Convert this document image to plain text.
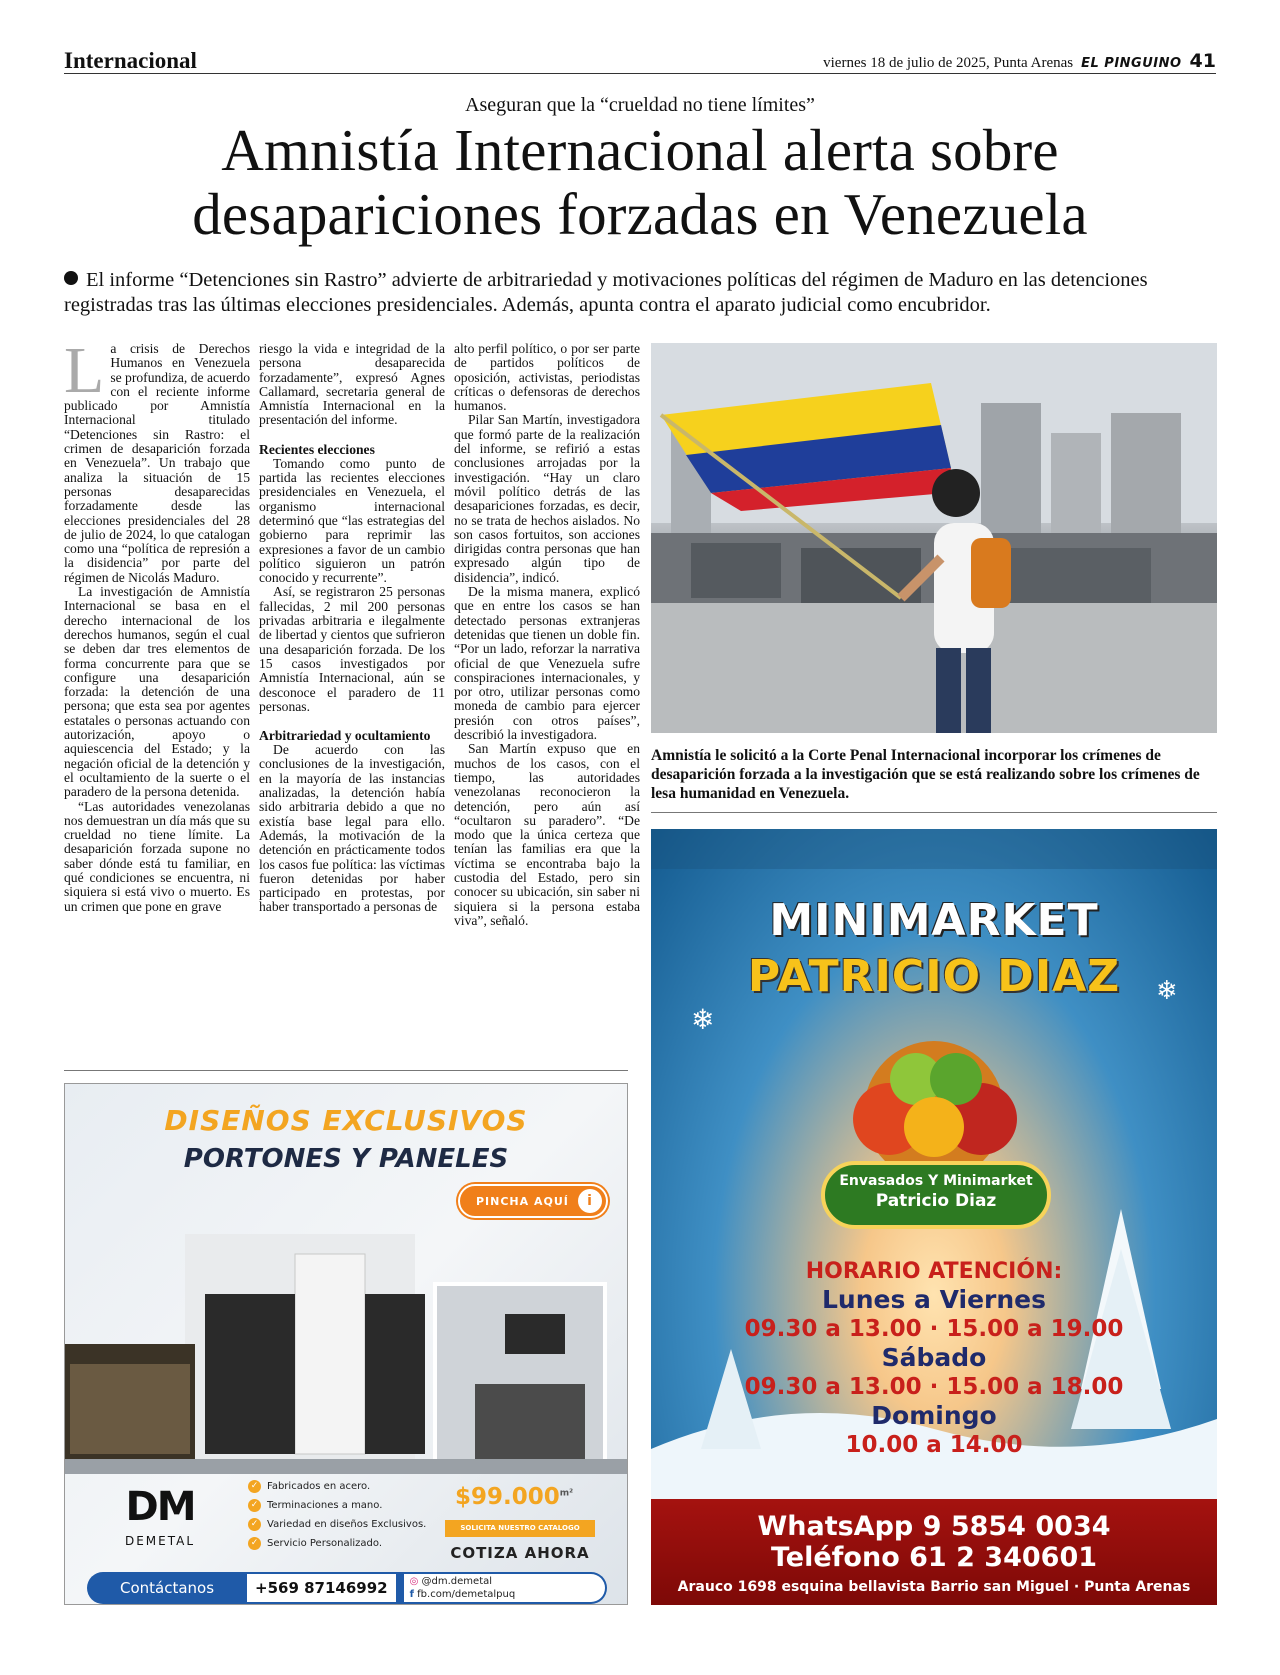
Internacional	viernes 18 de julio de 2025, Punta Arenas EL PINGUINO 41
Aseguran que la “crueldad no tiene límites”
Amnistía Internacional alerta sobre
desapariciones forzadas en Venezuela
El informe “Detenciones sin Rastro” advierte de arbitrariedad y motivaciones políticas del régimen de Maduro en las detenciones registradas tras las últimas elecciones presidenciales. Además, apunta contra el aparato judicial como encubridor.

La crisis de Derechos Humanos en Venezuela se profundiza, de acuerdo con el reciente informe publicado por Amnistía Internacional titulado “Detenciones sin Rastro: el crimen de desaparición forzada en Venezuela”. Un trabajo que analiza la situación de 15 personas desaparecidas forzadamente desde las elecciones presidenciales del 28 de julio de 2024, lo que catalogan como una “política de represión a la disidencia” por parte del régimen de Nicolás Maduro.

La investigación de Amnistía Internacional se basa en el derecho internacional de los derechos humanos, según el cual se deben dar tres elementos de forma concurrente para que se configure una desaparición forzada: la detención de una persona; que esta sea por agentes estatales o personas actuando con autorización, apoyo o aquiescencia del Estado; y la negación oficial de la detención y el ocultamiento de la suerte o el paradero de la persona detenida.

“Las autoridades venezolanas nos demuestran un día más que su crueldad no tiene límite. La desaparición forzada supone no saber dónde está tu familiar, en qué condiciones se encuentra, ni siquiera si está vivo o muerto. Es un crimen que pone en grave

riesgo la vida e integridad de la persona desaparecida forzadamente”, expresó Agnes Callamard, secretaria general de Amnistía Internacional en la presentación del informe.

Recientes elecciones

Tomando como punto de partida las recientes elecciones presidenciales en Venezuela, el organismo internacional determinó que “las estrategias del gobierno para reprimir las expresiones a favor de un cambio político siguieron un patrón conocido y recurrente”.

Así, se registraron 25 personas fallecidas, 2 mil 200 personas privadas arbitraria e ilegalmente de libertad y cientos que sufrieron una desaparición forzada. De los 15 casos investigados por Amnistía Internacional, aún se desconoce el paradero de 11 personas.

Arbitrariedad y ocultamiento

De acuerdo con las conclusiones de la investigación, en la mayoría de las instancias analizadas, la detención había sido arbitraria debido a que no existía base legal para ello. Además, la motivación de la detención en prácticamente todos los casos fue política: las víctimas fueron detenidas por haber participado en protestas, por haber transportado a personas de

alto perfil político, o por ser parte de partidos políticos de oposición, activistas, periodistas críticas o defensoras de derechos humanos.

Pilar San Martín, investigadora que formó parte de la realización del informe, se refirió a estas conclusiones arrojadas por la investigación. “Hay un claro móvil político detrás de las desapariciones forzadas, es decir, no se trata de hechos aislados. No son casos fortuitos, son acciones dirigidas contra personas que han expresado algún tipo de disidencia”, indicó.

De la misma manera, explicó que en entre los casos se han detectado personas extranjeras detenidas que tienen un doble fin. “Por un lado, reforzar la narrativa oficial de que Venezuela sufre conspiraciones internacionales, y por otro, utilizar personas como moneda de cambio para ejercer presión con otros países”, describió la investigadora.

San Martín expuso que en muchos de los casos, con el tiempo, las autoridades venezolanas reconocieron la detención, pero aún así “ocultaron su paradero”. “De modo que la única certeza que tenían las familias era que la víctima se encontraba bajo la custodia del Estado, pero sin conocer su ubicación, sin saber ni siquiera si la persona estaba viva”, señaló.

Amnistía le solicitó a la Corte Penal Internacional incorporar los crímenes de desaparición forzada a la investigación que se está realizando sobre los crímenes de lesa humanidad en Venezuela.
DISEÑOS EXCLUSIVOS
PORTONES Y PANELES
PINCHA AQUÍ	i
DM
DEMETAL
✓ Fabricados en acero.
✓ Terminaciones a mano.
✓ Variedad en diseños Exclusivos.
✓ Servicio Personalizado.
$\$99.000^{m^2}$
SOLICITA NUESTRO CATALOGO
COTIZA AHORA
Contáctanos	+569 87146992	◎ @dm.demetal
f fb.com/demetalpuq
❄
❄
MINIMARKET
PATRICIO DIAZ
Envasados Y Minimarket
Patricio Diaz
HORARIO ATENCIÓN:
Lunes a Viernes
09.30 a 13.00 · 15.00 a 19.00
Sábado
09.30 a 13.00 · 15.00 a 18.00
Domingo
10.00 a 14.00
WhatsApp 9 5854 0034
Teléfono 61 2 340601
Arauco 1698 esquina bellavista Barrio san Miguel · Punta Arenas
